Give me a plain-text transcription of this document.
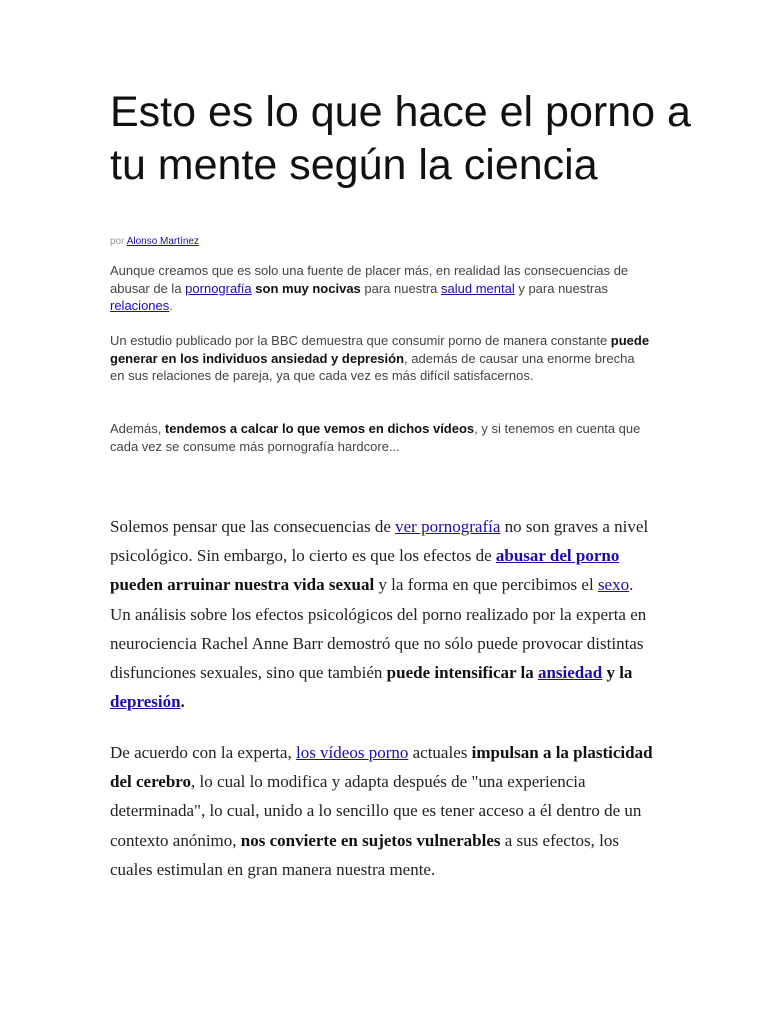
Esto es lo que hace el porno a tu mente según la ciencia
por Alonso Martínez

Aunque creamos que es solo una fuente de placer más, en realidad las consecuencias de abusar de la pornografía son muy nocivas para nuestra salud mental y para nuestras relaciones.

Un estudio publicado por la BBC demuestra que consumir porno de manera constante puede generar en los individuos ansiedad y depresión, además de causar una enorme brecha en sus relaciones de pareja, ya que cada vez es más difícil satisfacernos.

Además, tendemos a calcar lo que vemos en dichos vídeos, y si tenemos en cuenta que cada vez se consume más pornografía hardcore...

Solemos pensar que las consecuencias de ver pornografía no son graves a nivel psicológico. Sin embargo, lo cierto es que los efectos de abusar del porno pueden arruinar nuestra vida sexual y la forma en que percibimos el sexo. Un análisis sobre los efectos psicológicos del porno realizado por la experta en neurociencia Rachel Anne Barr demostró que no sólo puede provocar distintas disfunciones sexuales, sino que también puede intensificar la ansiedad y la depresión.

De acuerdo con la experta, los vídeos porno actuales impulsan a la plasticidad del cerebro, lo cual lo modifica y adapta después de "una experiencia determinada", lo cual, unido a lo sencillo que es tener acceso a él dentro de un contexto anónimo, nos convierte en sujetos vulnerables a sus efectos, los cuales estimulan en gran manera nuestra mente.
